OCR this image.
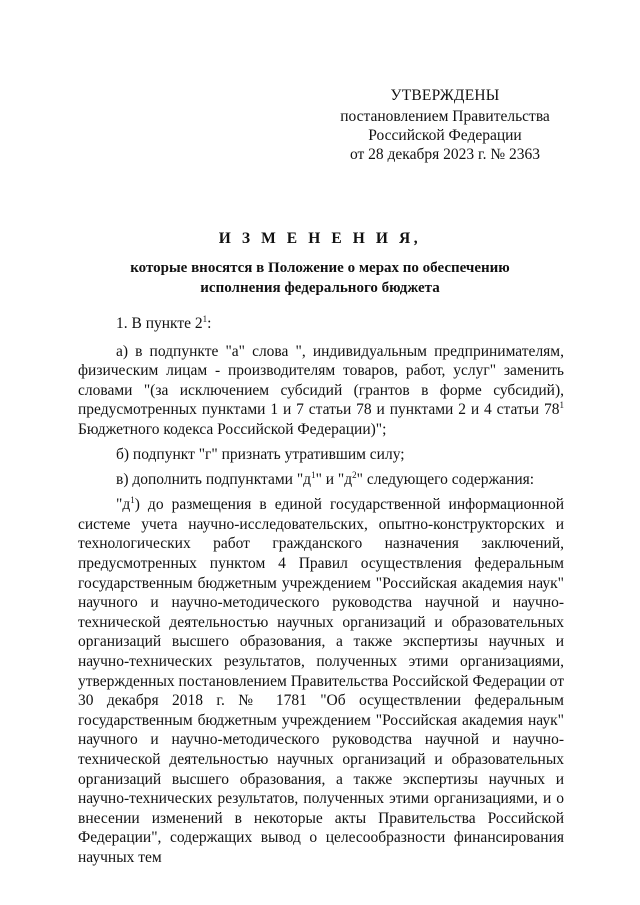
УТВЕРЖДЕНЫ
постановлением Правительства
Российской Федерации
от 28 декабря 2023 г. № 2363
И З М Е Н Е Н И Я,
которые вносятся в Положение о мерах по обеспечению
исполнения федерального бюджета

1. В пункте $2^1$:

а) в подпункте "а" слова ", индивидуальным предпринимателям, физическим лицам - производителям товаров, работ, услуг" заменить словами "(за исключением субсидий (грантов в форме субсидий), предусмотренных пунктами 1 и 7 статьи 78 и пунктами 2 и 4 статьи $78^1$ Бюджетного кодекса Российской Федерации)";

б) подпункт "г" признать утратившим силу;

в) дополнить подпунктами "$д^1$" и "$д^2$" следующего содержания:

"$д^1$) до размещения в единой государственной информационной системе учета научно-исследовательских, опытно-конструкторских и технологических работ гражданского назначения заключений, предусмотренных пунктом 4 Правил осуществления федеральным государственным бюджетным учреждением "Российская академия наук" научного и научно-методического руководства научной и научно-технической деятельностью научных организаций и образовательных организаций высшего образования, а также экспертизы научных и научно-технических результатов, полученных этими организациями, утвержденных постановлением Правительства Российской Федерации от 30 декабря 2018 г. № 1781 "Об осуществлении федеральным государственным бюджетным учреждением "Российская академия наук" научного и научно-методического руководства научной и научно-технической деятельностью научных организаций и образовательных организаций высшего образования, а также экспертизы научных и научно-технических результатов, полученных этими организациями, и о внесении изменений в некоторые акты Правительства Российской Федерации", содержащих вывод о целесообразности финансирования научных тем
